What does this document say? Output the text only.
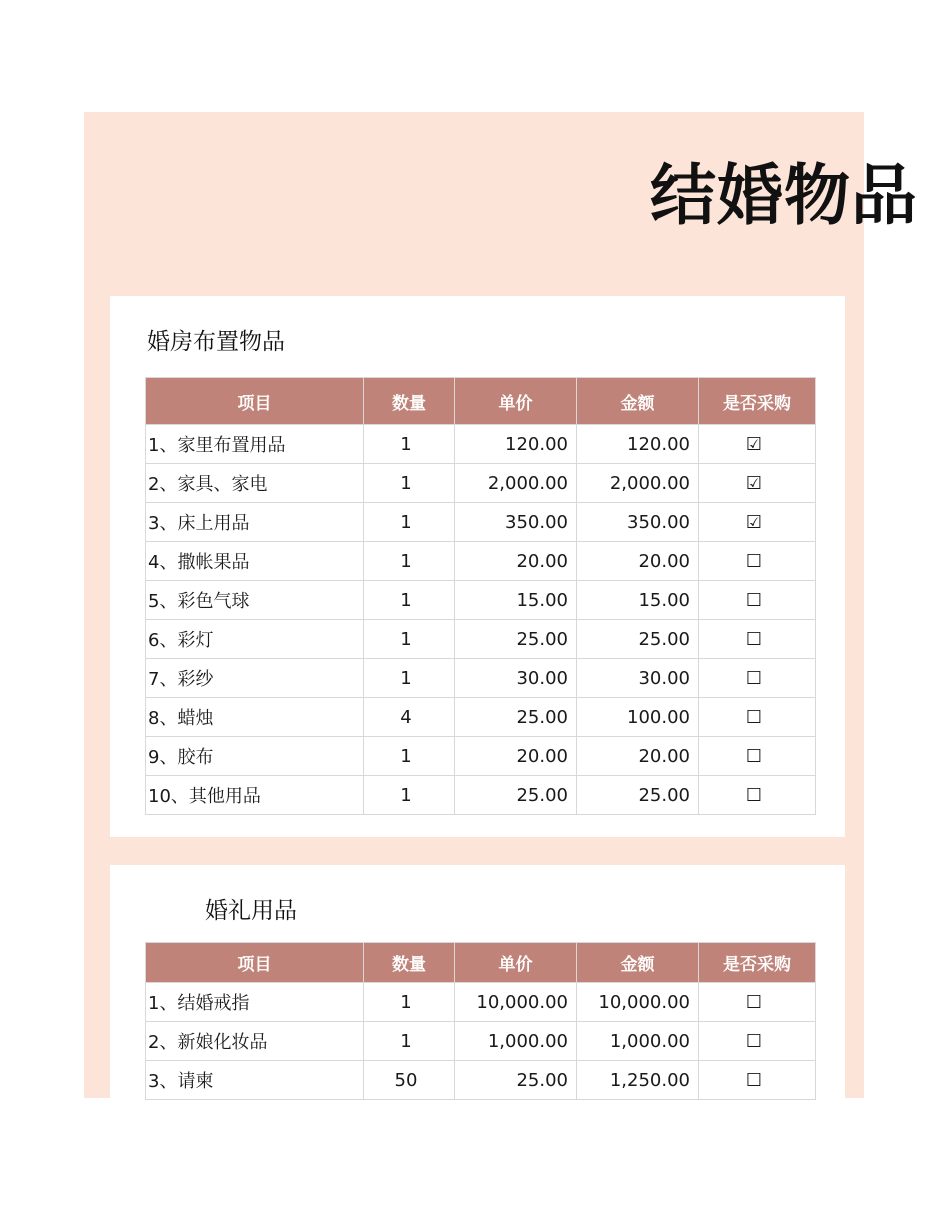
结婚物品
婚房布置物品
项目	数量	单价	金额	是否采购
1、家里布置用品	1	120.00	120.00	☑
2、家具、家电	1	2,000.00	2,000.00	☑
3、床上用品	1	350.00	350.00	☑
4、撒帐果品	1	20.00	20.00	☐
5、彩色气球	1	15.00	15.00	☐
6、彩灯	1	25.00	25.00	☐
7、彩纱	1	30.00	30.00	☐
8、蜡烛	4	25.00	100.00	☐
9、胶布	1	20.00	20.00	☐
10、其他用品	1	25.00	25.00	☐
婚礼用品
项目	数量	单价	金额	是否采购
1、结婚戒指	1	10,000.00	10,000.00	☐
2、新娘化妆品	1	1,000.00	1,000.00	☐
3、请柬	50	25.00	1,250.00	☐
